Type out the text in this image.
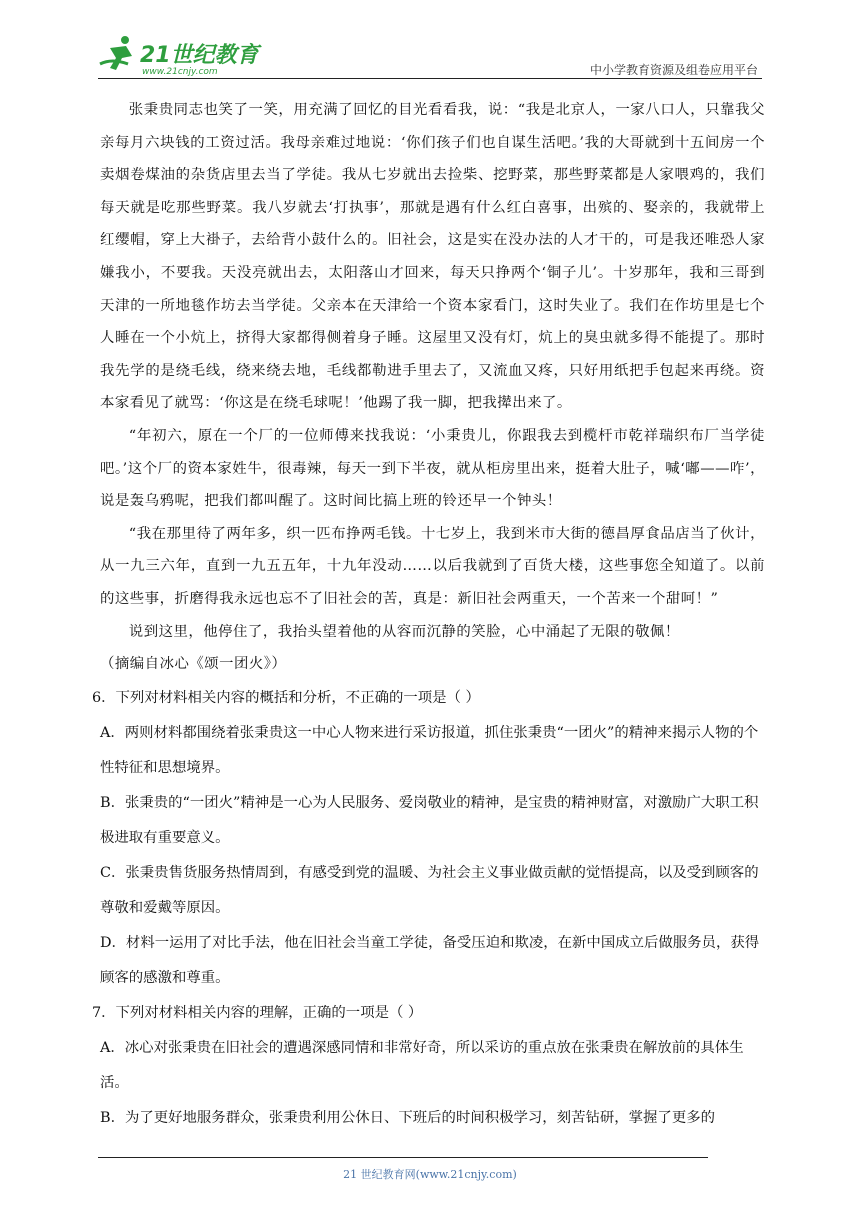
21世纪教育
www.21cnjy.com	中小学教育资源及组卷应用平台

张秉贵同志也笑了一笑，用充满了回忆的目光看看我，说：“我是北京人，一家八口人，只靠我父亲每月六块钱的工资过活。我母亲难过地说：‘你们孩子们也自谋生活吧。’我的大哥就到十五间房一个卖烟卷煤油的杂货店里去当了学徒。我从七岁就出去捡柴、挖野菜，那些野菜都是人家喂鸡的，我们每天就是吃那些野菜。我八岁就去‘打执事’，那就是遇有什么红白喜事，出殡的、娶亲的，我就带上红缨帽，穿上大褂子，去给背小鼓什么的。旧社会，这是实在没办法的人才干的，可是我还唯恐人家嫌我小，不要我。天没亮就出去，太阳落山才回来，每天只挣两个‘铜子儿’。十岁那年，我和三哥到天津的一所地毯作坊去当学徒。父亲本在天津给一个资本家看门，这时失业了。我们在作坊里是七个人睡在一个小炕上，挤得大家都得侧着身子睡。这屋里又没有灯，炕上的臭虫就多得不能提了。那时我先学的是绕毛线，绕来绕去地，毛线都勒进手里去了，又流血又疼，只好用纸把手包起来再绕。资本家看见了就骂：‘你这是在绕毛球呢！’他踢了我一脚，把我撵出来了。

“年初六，原在一个厂的一位师傅来找我说：‘小秉贵儿，你跟我去到榄杆市乾祥瑞织布厂当学徒吧。’这个厂的资本家姓牛，很毒辣，每天一到下半夜，就从柜房里出来，挺着大肚子，喊‘嘟——咋’，说是轰乌鸦呢，把我们都叫醒了。这时间比搞上班的铃还早一个钟头！

“我在那里待了两年多，织一匹布挣两毛钱。十七岁上，我到米市大街的德昌厚食品店当了伙计，从一九三六年，直到一九五五年，十九年没动……以后我就到了百货大楼，这些事您全知道了。以前的这些事，折磨得我永远也忘不了旧社会的苦，真是：新旧社会两重天，一个苦来一个甜呵！”

说到这里，他停住了，我抬头望着他的从容而沉静的笑脸，心中涌起了无限的敬佩！

（摘编自冰心《颂一团火》）

6．下列对材料相关内容的概括和分析，不正确的一项是（ ）

A．两则材料都围绕着张秉贵这一中心人物来进行采访报道，抓住张秉贵“一团火”的精神来揭示人物的个性特征和思想境界。

B．张秉贵的“一团火”精神是一心为人民服务、爱岗敬业的精神，是宝贵的精神财富，对激励广大职工积极进取有重要意义。

C．张秉贵售货服务热情周到，有感受到党的温暖、为社会主义事业做贡献的觉悟提高，以及受到顾客的尊敬和爱戴等原因。

D．材料一运用了对比手法，他在旧社会当童工学徒，备受压迫和欺凌，在新中国成立后做服务员，获得顾客的感激和尊重。

7．下列对材料相关内容的理解，正确的一项是（ ）

A．冰心对张秉贵在旧社会的遭遇深感同情和非常好奇，所以采访的重点放在张秉贵在解放前的具体生活。

B．为了更好地服务群众，张秉贵利用公休日、下班后的时间积极学习，刻苦钻研，掌握了更多的

21 世纪教育网(www.21cnjy.com)
